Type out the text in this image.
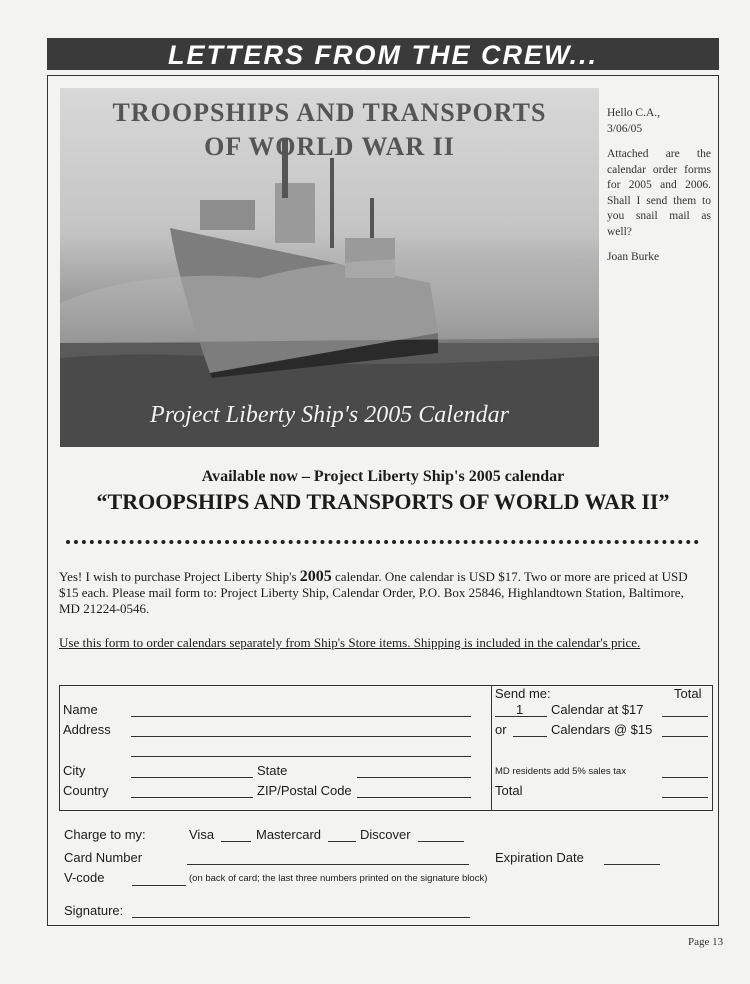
LETTERS FROM THE CREW...
TROOPSHIPS AND TRANSPORTS
OF WORLD WAR II
Project Liberty Ship's 2005 Calendar

Hello C.A.,

3/06/05

Attached are the calendar order forms for 2005 and 2006. Shall I send them to you snail mail as well?

Joan Burke

Available now – Project Liberty Ship's 2005 calendar
“TROOPSHIPS AND TRANSPORTS OF WORLD WAR II”
Yes! I wish to purchase Project Liberty Ship's 2005 calendar. One calendar is USD $17. Two or more are priced at USD $15 each. Please mail form to: Project Liberty Ship, Calendar Order, P.O. Box 25846, Highlandtown Station, Baltimore, MD 21224-0546.
Use this form to order calendars separately from Ship's Store items. Shipping is included in the calendar's price.
Name
Address
City	State
Country	ZIP/Postal Code
Send me:	Total
1 Calendar at $17
or	Calendars @ $15
MD residents add 5% sales tax
Total
Charge to my:	Visa	Mastercard	Discover
Card Number	Expiration Date
V-code	(on back of card; the last three numbers printed on the signature block)
Signature:
Page 13
